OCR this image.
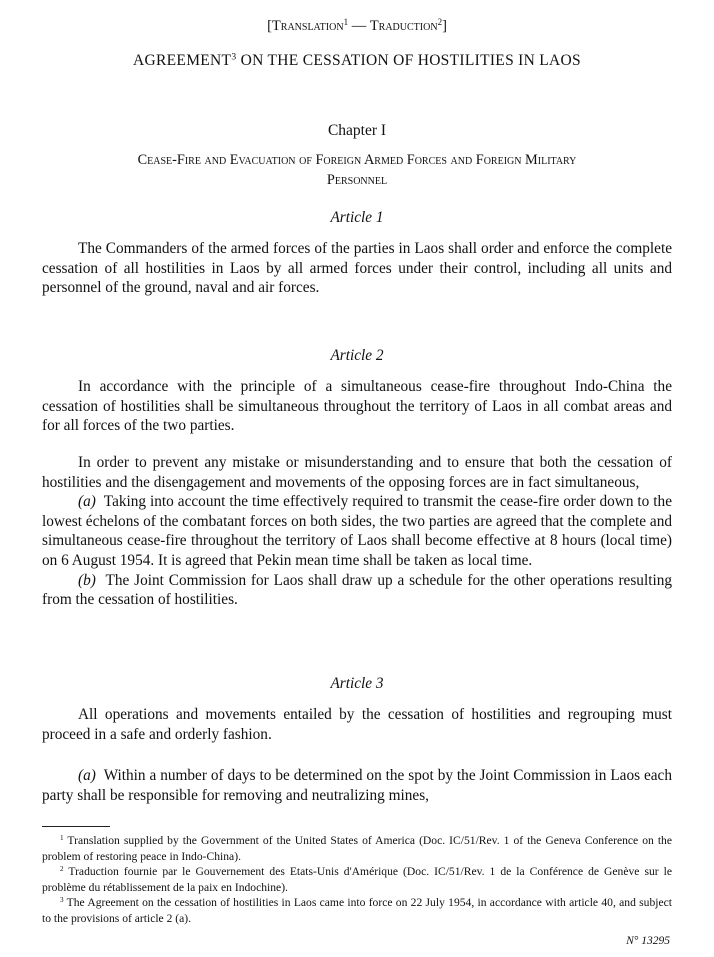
[Translation$^1$ — Traduction$^2$]
AGREEMENT$^3$ ON THE CESSATION OF HOSTILITIES IN LAOS
Chapter I
Cease-Fire and Evacuation of Foreign Armed Forces and Foreign Military
Personnel
Article 1

The Commanders of the armed forces of the parties in Laos shall order and enforce the complete cessation of all hostilities in Laos by all armed forces under their control, including all units and personnel of the ground, naval and air forces.

Article 2

In accordance with the principle of a simultaneous cease-fire throughout Indo-China the cessation of hostilities shall be simultaneous throughout the territory of Laos in all combat areas and for all forces of the two parties.

In order to prevent any mistake or misunderstanding and to ensure that both the cessation of hostilities and the disengagement and movements of the opposing forces are in fact simultaneous,

(a) Taking into account the time effectively required to transmit the cease-fire order down to the lowest échelons of the combatant forces on both sides, the two parties are agreed that the complete and simultaneous cease-fire throughout the territory of Laos shall become effective at 8 hours (local time) on 6 August 1954. It is agreed that Pekin mean time shall be taken as local time.

(b) The Joint Commission for Laos shall draw up a schedule for the other operations resulting from the cessation of hostilities.

Article 3

All operations and movements entailed by the cessation of hostilities and regrouping must proceed in a safe and orderly fashion.

(a) Within a number of days to be determined on the spot by the Joint Commission in Laos each party shall be responsible for removing and neutralizing mines,

$^1$ Translation supplied by the Government of the United States of America (Doc. IC/51/Rev. 1 of the Geneva Conference on the problem of restoring peace in Indo-China).

$^2$ Traduction fournie par le Gouvernement des Etats-Unis d'Amérique (Doc. IC/51/Rev. 1 de la Conférence de Genève sur le problème du rétablissement de la paix en Indochine).

$^3$ The Agreement on the cessation of hostilities in Laos came into force on 22 July 1954, in accordance with article 40, and subject to the provisions of article 2 (a).

N° 13295
